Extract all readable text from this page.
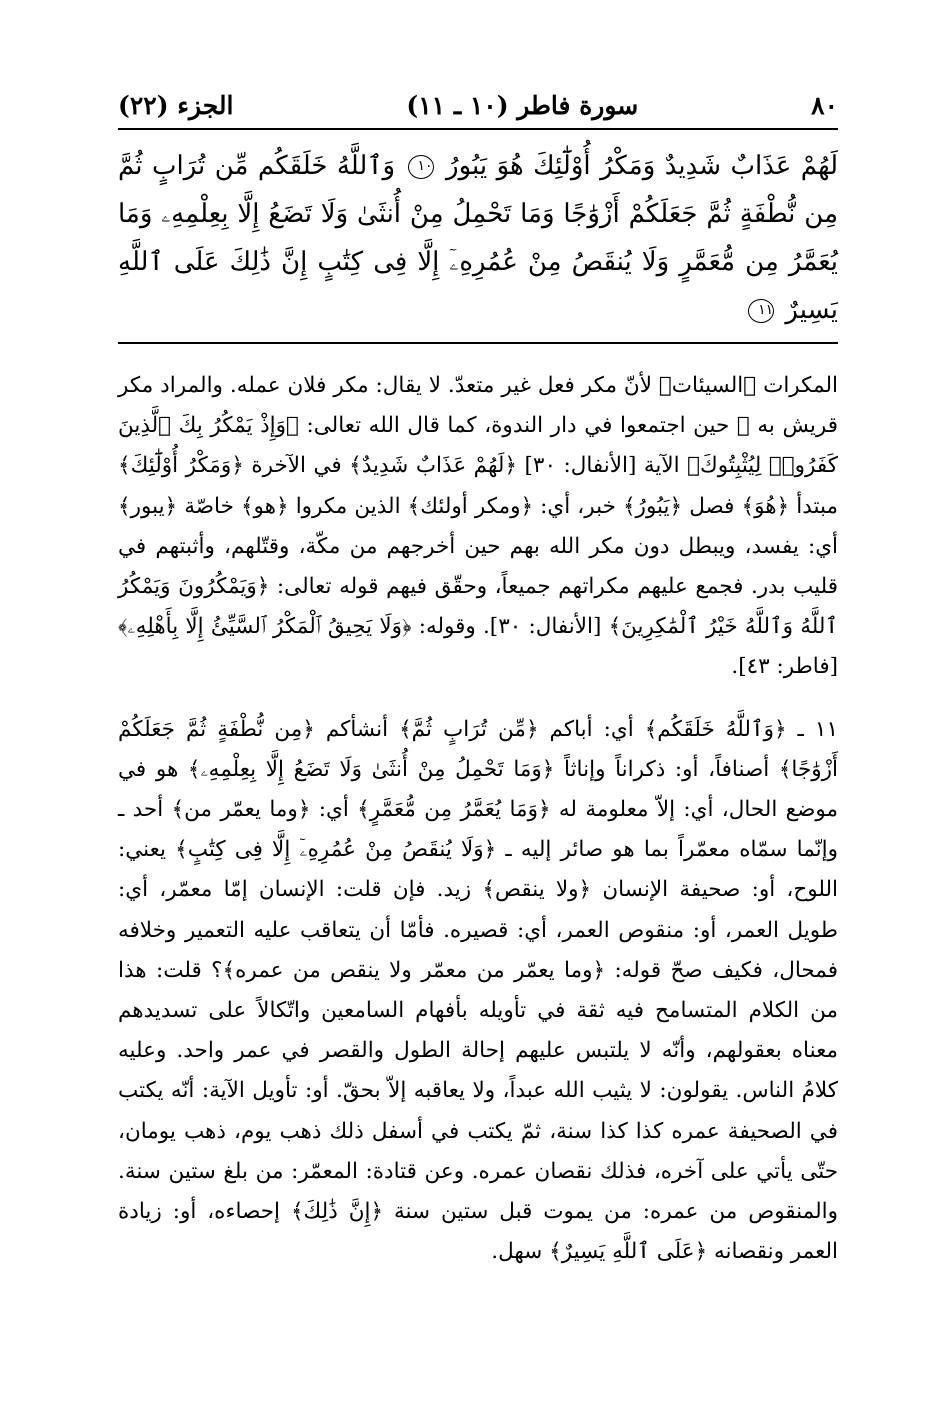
٨٠
سورة فاطر (١٠ ـ ١١)
الجزء (٢٢)
لَهُمْ عَذَابٌ شَدِيدٌ وَمَكْرُ أُوْلَٰٓئِكَ هُوَ يَبُورُ ١٠ وَٱللَّهُ خَلَقَكُم مِّن تُرَابٍ ثُمَّ مِن نُّطْفَةٍ ثُمَّ جَعَلَكُمْ أَزْوَٰجًا وَمَا تَحْمِلُ مِنْ أُنثَىٰ وَلَا تَضَعُ إِلَّا بِعِلْمِهِۦ وَمَا يُعَمَّرُ مِن مُّعَمَّرٍ وَلَا يُنقَصُ مِنْ عُمُرِهِۦٓ إِلَّا فِى كِتَٰبٍ إِنَّ ذَٰلِكَ عَلَى ٱللَّهِ يَسِيرٌ ١١

المكرات ﴿السيئات﴾ لأنّ مكر فعل غير متعدّ. لا يقال: مكر فلان عمله. والمراد مكر قريش به ﷺ حين اجتمعوا في دار الندوة، كما قال الله تعالى: ﴿وَإِذْ يَمْكُرُ بِكَ ٱلَّذِينَ كَفَرُوا۟ لِيُثْبِتُوكَ﴾ الآية [الأنفال: ٣٠] ﴿لَهُمْ عَذَابٌ شَدِيدٌ﴾ في الآخرة ﴿وَمَكْرُ أُوْلَٰٓئِكَ﴾ مبتدأ ﴿هُوَ﴾ فصل ﴿يَبُورُ﴾ خبر، أي: ﴿ومكر أولئك﴾ الذين مكروا ﴿هو﴾ خاصّة ﴿يبور﴾ أي: يفسد، ويبطل دون مكر الله بهم حين أخرجهم من مكّة، وقتّلهم، وأثبتهم في قليب بدر. فجمع عليهم مكراتهم جميعاً، وحقّق فيهم قوله تعالى: ﴿وَيَمْكُرُونَ وَيَمْكُرُ ٱللَّهُ وَٱللَّهُ خَيْرُ ٱلْمَٰكِرِينَ﴾ [الأنفال: ٣٠]. وقوله: ﴿وَلَا يَحِيقُ ٱلْمَكْرُ ٱلسَّيِّئُ إِلَّا بِأَهْلِهِۦ﴾ [فاطر: ٤٣].

١١ ـ ﴿وَٱللَّهُ خَلَقَكُم﴾ أي: أباكم ﴿مِّن تُرَابٍ ثُمَّ﴾ أنشأكم ﴿مِن نُّطْفَةٍ ثُمَّ جَعَلَكُمْ أَزْوَٰجًا﴾ أصنافاً، أو: ذكراناً وإناثاً ﴿وَمَا تَحْمِلُ مِنْ أُنثَىٰ وَلَا تَضَعُ إِلَّا بِعِلْمِهِۦ﴾ هو في موضع الحال، أي: إلاّ معلومة له ﴿وَمَا يُعَمَّرُ مِن مُّعَمَّرٍ﴾ أي: ﴿وما يعمّر من﴾ أحد ـ وإنّما سمّاه معمّراً بما هو صائر إليه ـ ﴿وَلَا يُنقَصُ مِنْ عُمُرِهِۦٓ إِلَّا فِى كِتَٰبٍ﴾ يعني: اللوح، أو: صحيفة الإنسان ﴿ولا ينقص﴾ زيد. فإن قلت: الإنسان إمّا معمّر، أي: طويل العمر، أو: منقوص العمر، أي: قصيره. فأمّا أن يتعاقب عليه التعمير وخلافه فمحال، فكيف صحّ قوله: ﴿وما يعمّر من معمّر ولا ينقص من عمره﴾؟ قلت: هذا من الكلام المتسامح فيه ثقة في تأويله بأفهام السامعين واتّكالاً على تسديدهم معناه بعقولهم، وأنّه لا يلتبس عليهم إحالة الطول والقصر في عمر واحد. وعليه كلامُ الناس. يقولون: لا يثيب الله عبداً، ولا يعاقبه إلاّ بحقّ. أو: تأويل الآية: أنّه يكتب في الصحيفة عمره كذا كذا سنة، ثمّ يكتب في أسفل ذلك ذهب يوم، ذهب يومان، حتّى يأتي على آخره، فذلك نقصان عمره. وعن قتادة: المعمّر: من بلغ ستين سنة. والمنقوص من عمره: من يموت قبل ستين سنة ﴿إِنَّ ذَٰلِكَ﴾ إحصاءه، أو: زيادة العمر ونقصانه ﴿عَلَى ٱللَّهِ يَسِيرٌ﴾ سهل.
